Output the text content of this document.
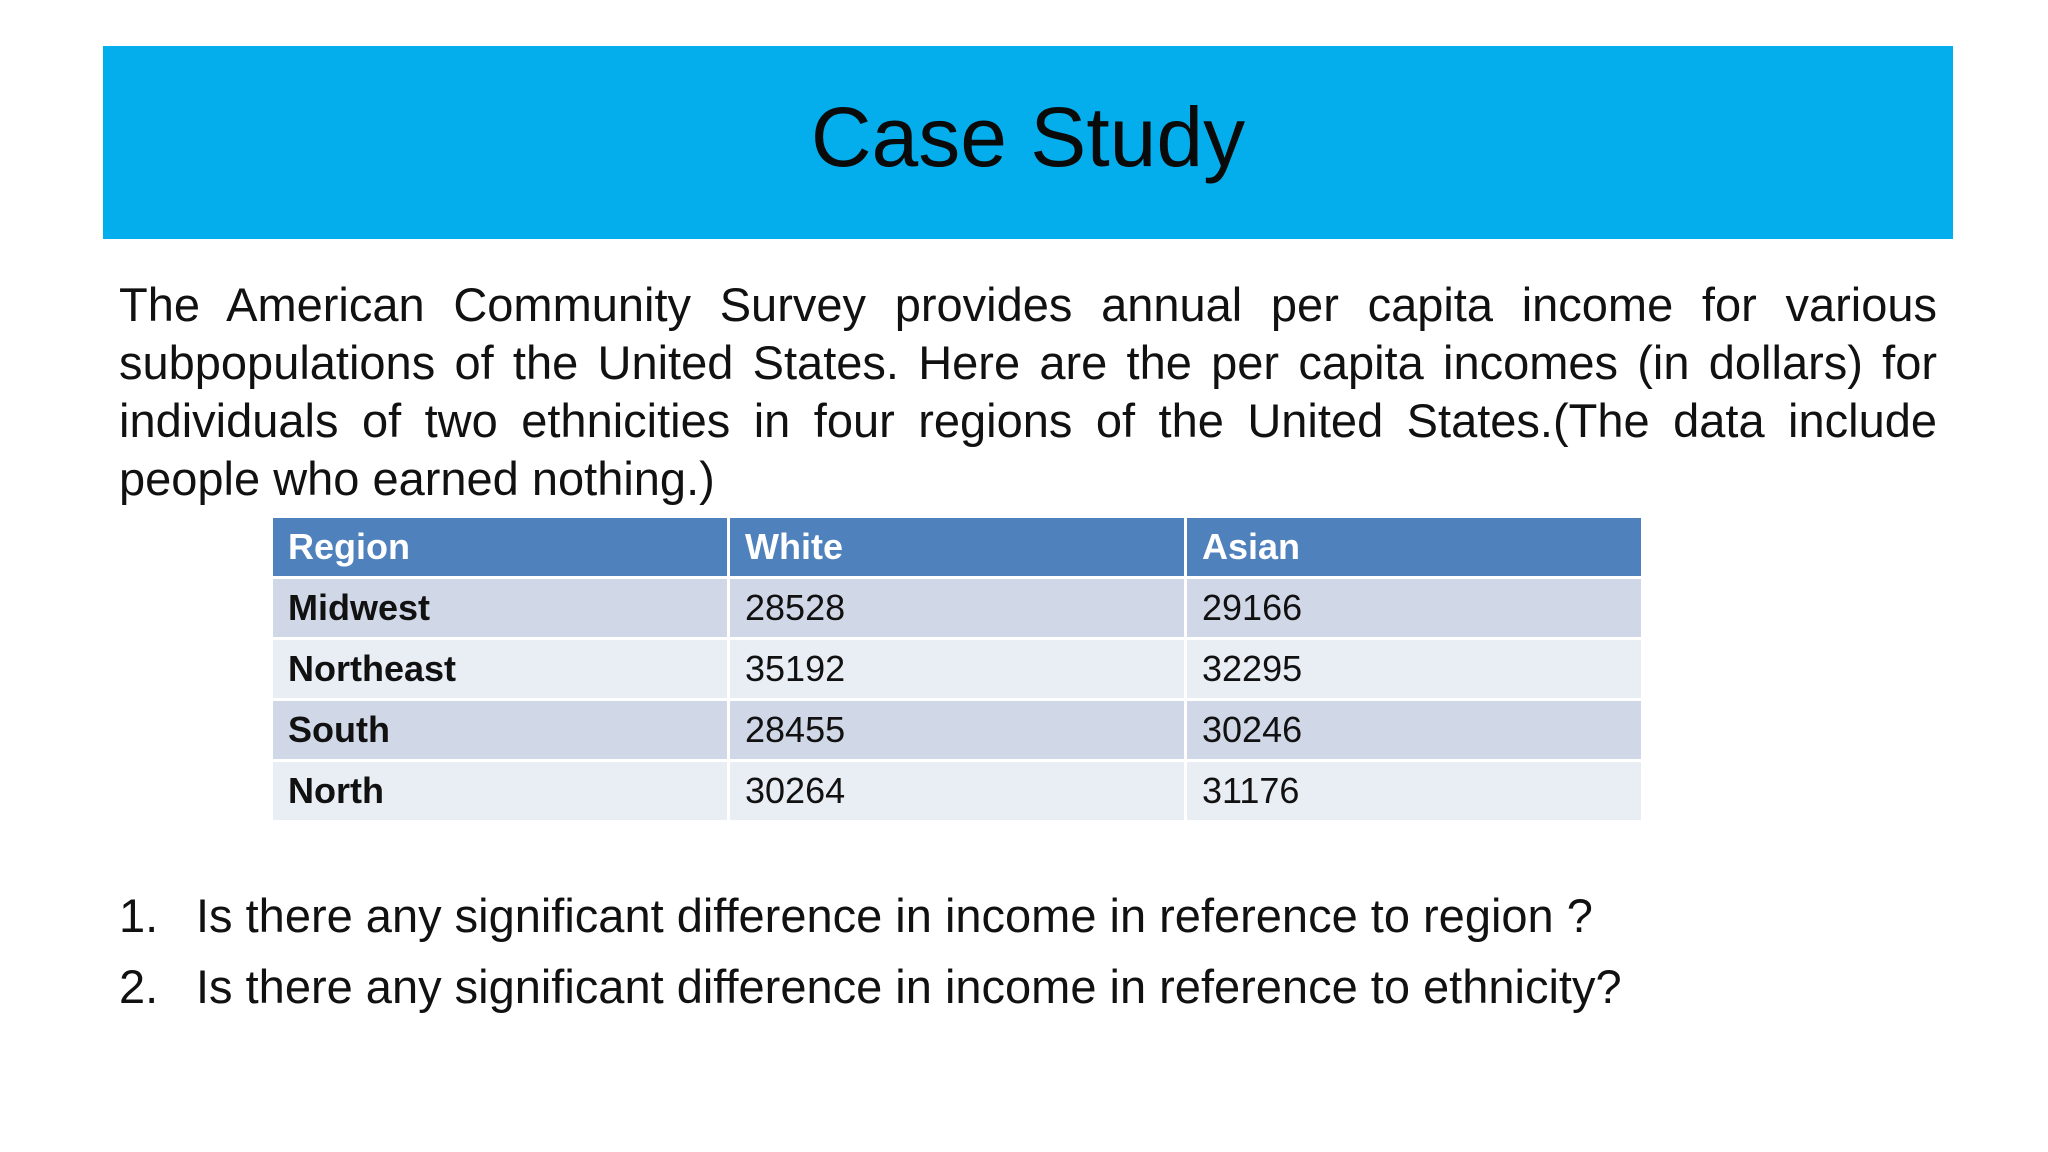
Case Study

The American Community Survey provides annual per capita income for various subpopulations of the United States. Here are the per capita incomes (in dollars) for individuals of two ethnicities in four regions of the United States.(The data include people who earned nothing.)

Region	White	Asian
Midwest	28528	29166
Northeast	35192	32295
South	28455	30246
North	30264	31176
1. Is there any significant difference in income in reference to region ?
2. Is there any significant difference in income in reference to ethnicity?
